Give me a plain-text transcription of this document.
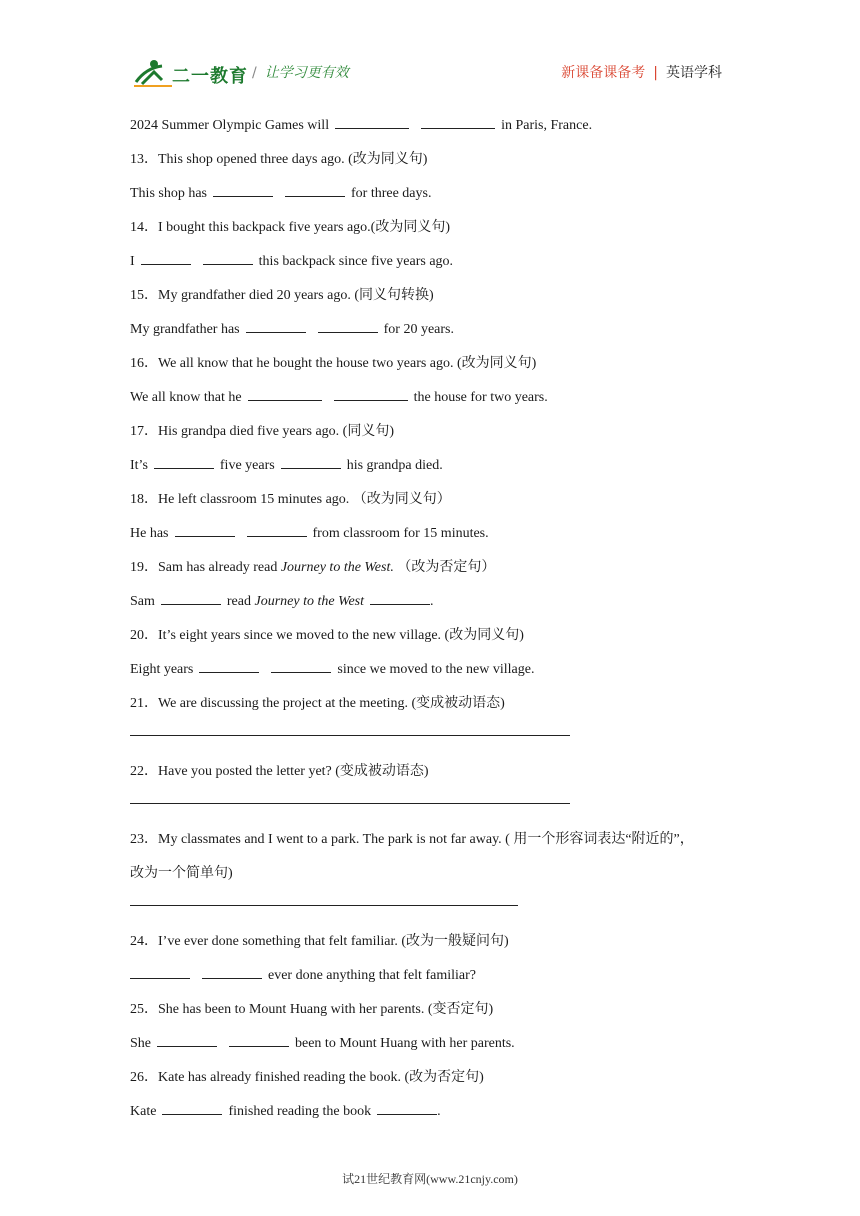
二一教育 / 让学习更有效	新课备课备考 | 英语学科
2024 Summer Olympic Games will	in Paris, France.
13．This shop opened three days ago. (改为同义句)
This shop has	for three days.
14．I bought this backpack five years ago.(改为同义句)
I	this backpack since five years ago.
15．My grandfather died 20 years ago. (同义句转换)
My grandfather has	for 20 years.
16．We all know that he bought the house two years ago. (改为同义句)
We all know that he	the house for two years.
17．His grandpa died five years ago. (同义句)
It’s	five years	his grandpa died.
18．He left classroom 15 minutes ago. （改为同义句）
He has	from classroom for 15 minutes.
19．Sam has already read Journey to the West. （改为否定句）
Sam	read Journey to the West	.
20．It’s eight years since we moved to the new village. (改为同义句)
Eight years	since we moved to the new village.
21．We are discussing the project at the meeting. (变成被动语态)
22．Have you posted the letter yet? (变成被动语态)
23．My classmates and I went to a park. The park is not far away. ( 用一个形容词表达“附近的”，
改为一个简单句)
24．I’ve ever done something that felt familiar. (改为一般疑问句)
ever done anything that felt familiar?
25．She has been to Mount Huang with her parents. (变否定句)
She	been to Mount Huang with her parents.
26．Kate has already finished reading the book. (改为否定句)
Kate	finished reading the book	.
试21世纪教育网(www.21cnjy.com)
